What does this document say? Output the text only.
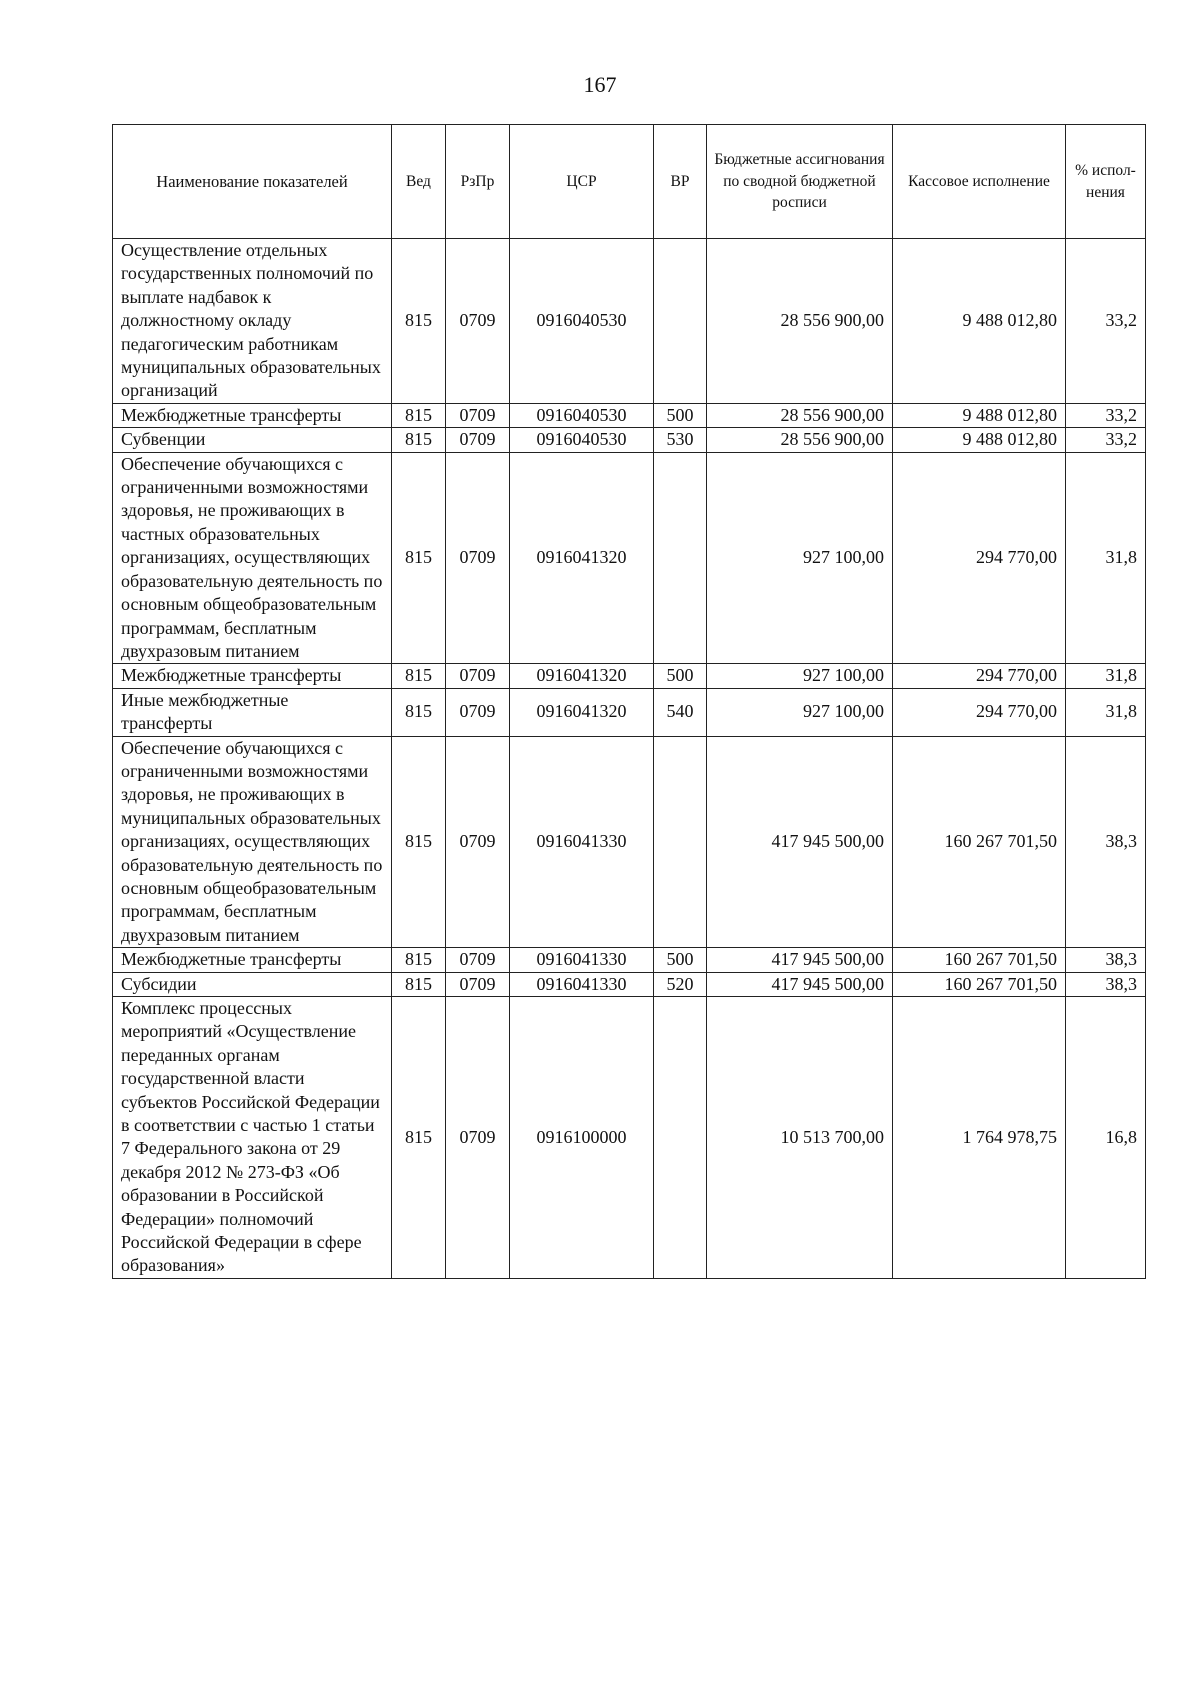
167
Наименование показателей	Вед	РзПр	ЦСР	ВР	Бюджетные ассигнования по сводной бюджетной росписи	Кассовое исполнение	% испол-нения
Осуществление отдельных государственных полномочий по выплате надбавок к должностному окладу педагогическим работникам муниципальных образовательных организаций	815	0709	0916040530		28 556 900,00	9 488 012,80	33,2
Межбюджетные трансферты	815	0709	0916040530	500	28 556 900,00	9 488 012,80	33,2
Субвенции	815	0709	0916040530	530	28 556 900,00	9 488 012,80	33,2
Обеспечение обучающихся с ограниченными возможностями здоровья, не проживающих в частных образовательных организациях, осуществляющих образовательную деятельность по основным общеобразовательным программам, бесплатным двухразовым питанием	815	0709	0916041320		927 100,00	294 770,00	31,8
Межбюджетные трансферты	815	0709	0916041320	500	927 100,00	294 770,00	31,8
Иные межбюджетные трансферты	815	0709	0916041320	540	927 100,00	294 770,00	31,8
Обеспечение обучающихся с ограниченными возможностями здоровья, не проживающих в муниципальных образовательных организациях, осуществляющих образовательную деятельность по основным общеобразовательным программам, бесплатным двухразовым питанием	815	0709	0916041330		417 945 500,00	160 267 701,50	38,3
Межбюджетные трансферты	815	0709	0916041330	500	417 945 500,00	160 267 701,50	38,3
Субсидии	815	0709	0916041330	520	417 945 500,00	160 267 701,50	38,3
Комплекс процессных мероприятий «Осуществление переданных органам государственной власти субъектов Российской Федерации в соответствии с частью 1 статьи 7 Федерального закона от 29 декабря 2012 № 273-ФЗ «Об образовании в Российской Федерации» полномочий Российской Федерации в сфере образования»	815	0709	0916100000		10 513 700,00	1 764 978,75	16,8
